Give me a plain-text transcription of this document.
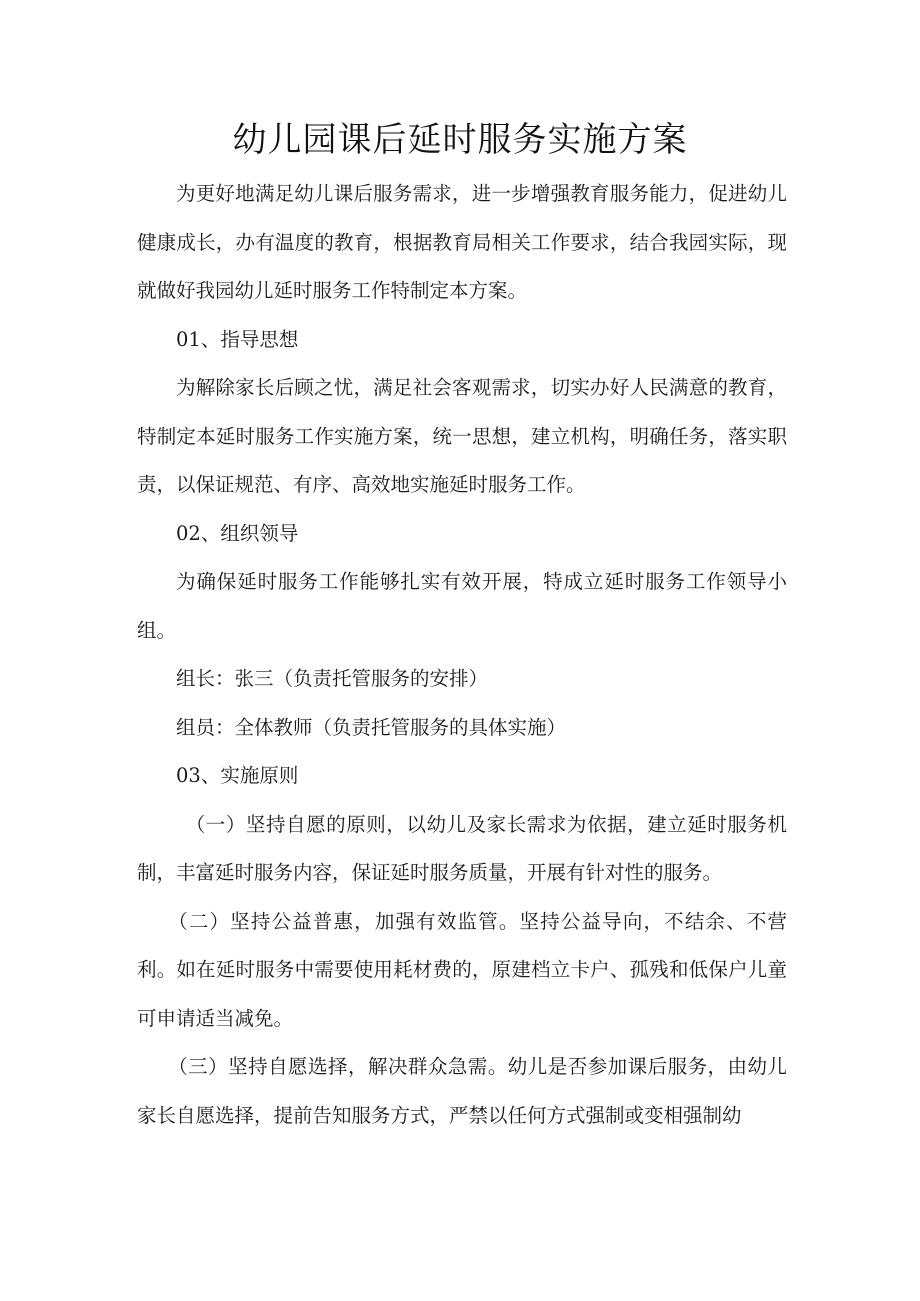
幼儿园课后延时服务实施方案

为更好地满足幼儿课后服务需求，进一步增强教育服务能力，促进幼儿健康成长，办有温度的教育，根据教育局相关工作要求，结合我园实际，现就做好我园幼儿延时服务工作特制定本方案。

01、指导思想

为解除家长后顾之忧，满足社会客观需求，切实办好人民满意的教育，特制定本延时服务工作实施方案，统一思想，建立机构，明确任务，落实职责，以保证规范、有序、高效地实施延时服务工作。

02、组织领导

为确保延时服务工作能够扎实有效开展，特成立延时服务工作领导小组。

组长：张三（负责托管服务的安排）

组员：全体教师（负责托管服务的具体实施）

03、实施原则

（一）坚持自愿的原则，以幼儿及家长需求为依据，建立延时服务机制，丰富延时服务内容，保证延时服务质量，开展有针对性的服务。

（二）坚持公益普惠，加强有效监管。坚持公益导向，不结余、不营利。如在延时服务中需要使用耗材费的，原建档立卡户、孤残和低保户儿童可申请适当减免。

（三）坚持自愿选择，解决群众急需。幼儿是否参加课后服务，由幼儿家长自愿选择，提前告知服务方式，严禁以任何方式强制或变相强制幼
